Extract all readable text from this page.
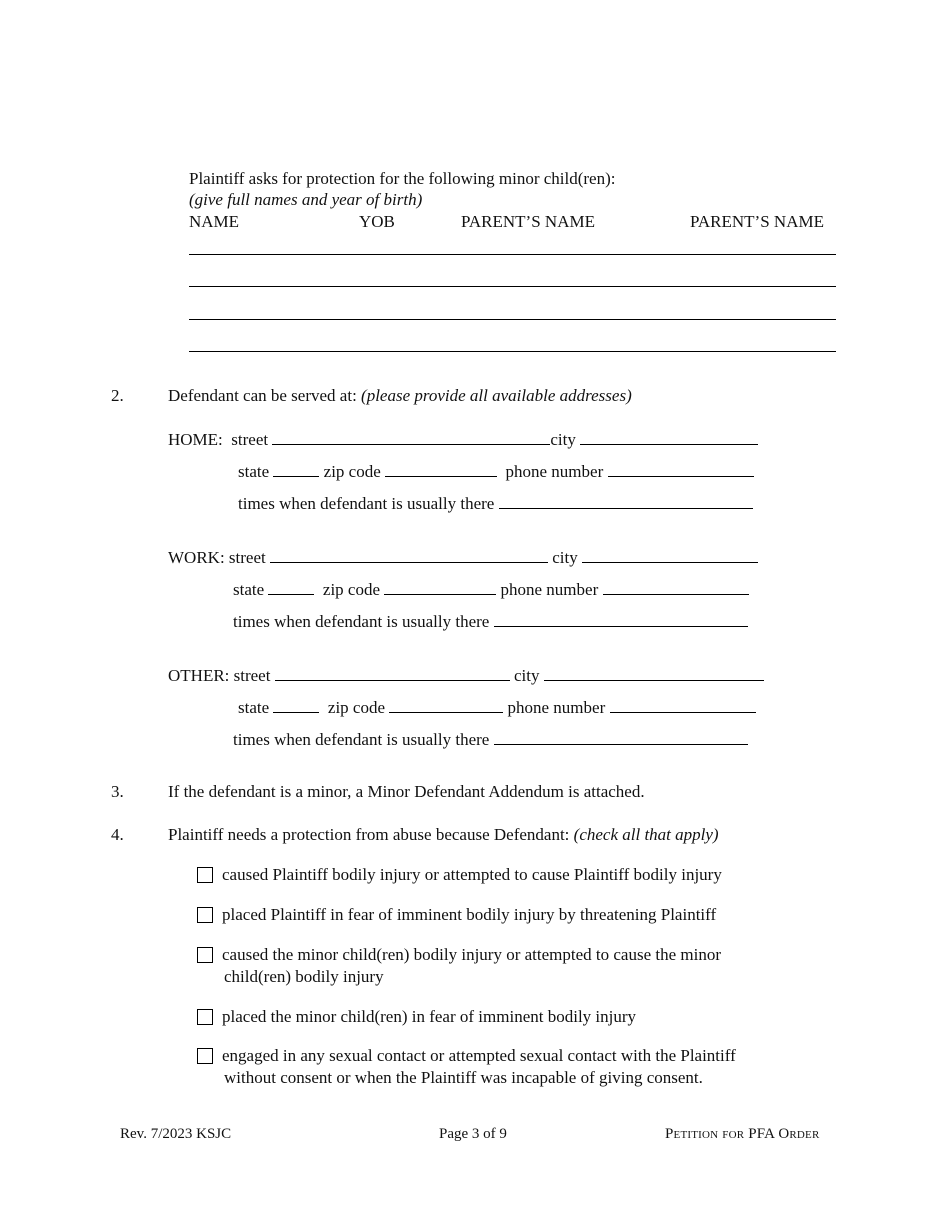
Plaintiff asks for protection for the following minor child(ren):
(give full names and year of birth)
NAME	YOB	PARENT’S NAME	PARENT’S NAME
2.	Defendant can be served at: (please provide all available addresses)
HOME: street	city
state	zip code	phone number
times when defendant is usually there
WORK: street	city
state	zip code	phone number
times when defendant is usually there
OTHER: street	city
state	zip code	phone number
times when defendant is usually there
3.	If the defendant is a minor, a Minor Defendant Addendum is attached.
4.	Plaintiff needs a protection from abuse because Defendant: (check all that apply)
caused Plaintiff bodily injury or attempted to cause Plaintiff bodily injury
placed Plaintiff in fear of imminent bodily injury by threatening Plaintiff
caused the minor child(ren) bodily injury or attempted to cause the minor
child(ren) bodily injury
placed the minor child(ren) in fear of imminent bodily injury
engaged in any sexual contact or attempted sexual contact with the Plaintiff
without consent or when the Plaintiff was incapable of giving consent.
Rev. 7/2023 KSJC	Page 3 of 9	Petition for PFA Order
